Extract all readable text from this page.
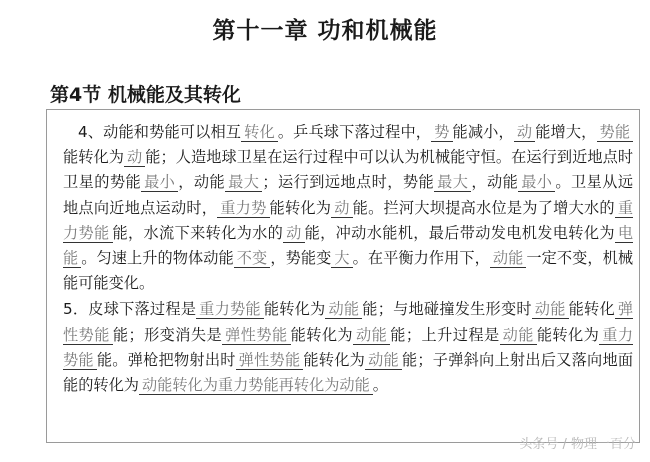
第十一章 功和机械能
第4节 机械能及其转化

4、动能和势能可以相互 转化 。乒乓球下落过程中， 势 能减小， 动 能增大， 势能能转化为 动 能；人造地球卫星在运行过程中可以认为机械能守恒。在运行到近地点时卫星的势能 最小 ，动能 最大 ；运行到远地点时，势能 最大 ，动能 最小 。卫星从远地点向近地点运动时， 重力势 能转化为 动 能。拦河大坝提高水位是为了增大水的 重力势能 能，水流下来转化为水的 动 能，冲动水能机，最后带动发电机发电转化为 电能 。匀速上升的物体动能 不变 ，势能变 大 。在平衡力作用下， 动能 一定不变，机械能可能变化。

5．皮球下落过程是 重力势能 能转化为 动能 能；与地碰撞发生形变时 动能 能转化 弹性势能 能；形变消失是 弹性势能 能转化为 动能 能；上升过程是 动能 能转化为 重力势能 能。弹枪把物射出时 弹性势能 能转化为 动能 能；子弹斜向上射出后又落向地面能的转化为 动能转化为重力势能再转化为动能 。

头条号 / 物理一百分
